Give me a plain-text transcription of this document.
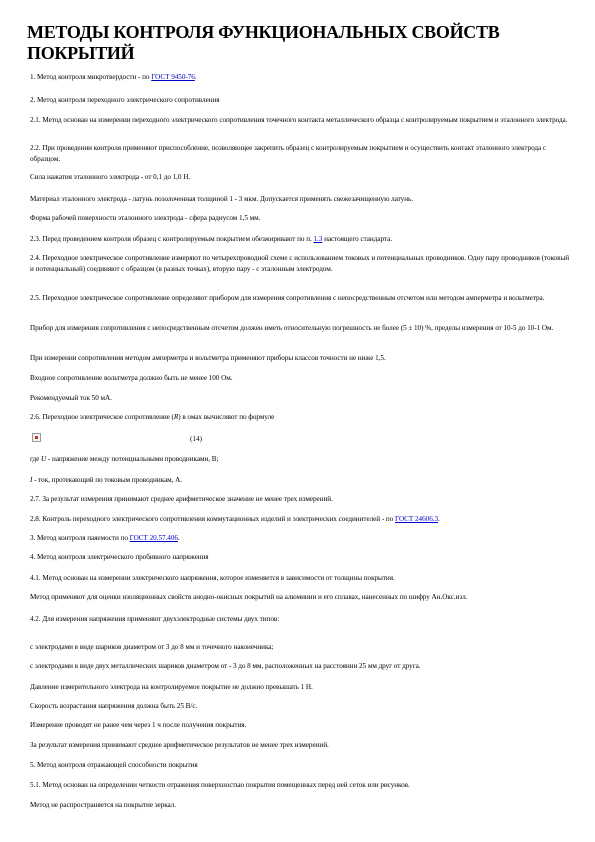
МЕТОДЫ КОНТРОЛЯ ФУНКЦИОНАЛЬНЫХ СВОЙСТВ ПОКРЫТИЙ

1. Метод контроля микротвердости - по ГОСТ 9450-76.

2. Метод контроля переходного электрического сопротивления

2.1. Метод основан на измерении переходного электрического сопротивления точечного контакта металлического образца с контролируемым покрытием и эталонного электрода.

2.2. При проведении контроля применяют приспособление, позволяющее закрепить образец с контролируемым покрытием и осуществить контакт эталонного электрода с образцом.

Сила нажатия эталонного электрода - от 0,1 до 1,0 Н.

Материал эталонного электрода - латунь позолоченная толщиной 1 - 3 мкм. Допускается применять свежезачищенную латунь.

Форма рабочей поверхности эталонного электрода - сфера радиусом 1,5 мм.

2.3. Перед проведением контроля образец с контролируемым покрытием обезжиривают по п. 1.3 настоящего стандарта.

2.4. Переходное электрическое сопротивление измеряют по четырехпроводной схеме с использованием токовых и потенциальных проводников. Одну пару проводников (токовый и потенциальный) соединяют с образцом (в разных точках), вторую пару - с эталонным электродом.

2.5. Переходное электрическое сопротивление определяют прибором для измерения сопротивления с непосредственным отсчетом или методом амперметра и вольтметра.

Прибор для измерения сопротивления с непосредственным отсчетом должен иметь относительную погрешность не более (5 ± 10) %, пределы измерения от 10-5 до 10-1 Ом.

При измерении сопротивления методом амперметра и вольтметра применяют приборы классов точности не ниже 1,5.

Входное сопротивление вольтметра должно быть не менее 100 Ом.

Рекомендуемый ток 50 мА.

2.6. Переходное электрическое сопротивление (R) в омах вычисляют по формуле

(14)

где U - напряжение между потенциальными проводниками, В;

I - ток, протекающий по токовым проводникам, А.

2.7. За результат измерения принимают среднее арифметическое значение не менее трех измерений.

2.8. Контроль переходного электрического сопротивления коммутационных изделий и электрических соединителей - по ГОСТ 24606.3.

3. Метод контроля паяемости по ГОСТ 20.57.406.

4. Метод контроля электрического пробивного напряжения

4.1. Метод основан на измерении электрического напряжения, которое изменяется в зависимости от толщины покрытия.

Метод применяют для оценки изоляционных свойств анодно-окисных покрытий на алюминии и его сплавах, нанесенных по шифру Ан.Окс.изл.

4.2. Для измерения напряжения применяют двухэлектродные системы двух типов:

с электродами в виде шариков диаметром от 3 до 8 мм и точечного наконечника;

с электродами в виде двух металлических шариков диаметром от - 3 до 8 мм, расположенных на расстоянии 25 мм друг от друга.

Давление измерительного электрода на контролируемое покрытие не должно превышать 1 Н.

Скорость возрастания напряжения должна быть 25 В/с.

Измерение проводят не ранее чем через 1 ч после получения покрытия.

За результат измерения принимают среднее арифметическое результатов не менее трех измерений.

5. Метод контроля отражающей способности покрытия

5.1. Метод основан на определении четкости отражения поверхностью покрытия помещенных перед ней сеток или рисунков.

Метод не распространяется на покрытие зеркал.
